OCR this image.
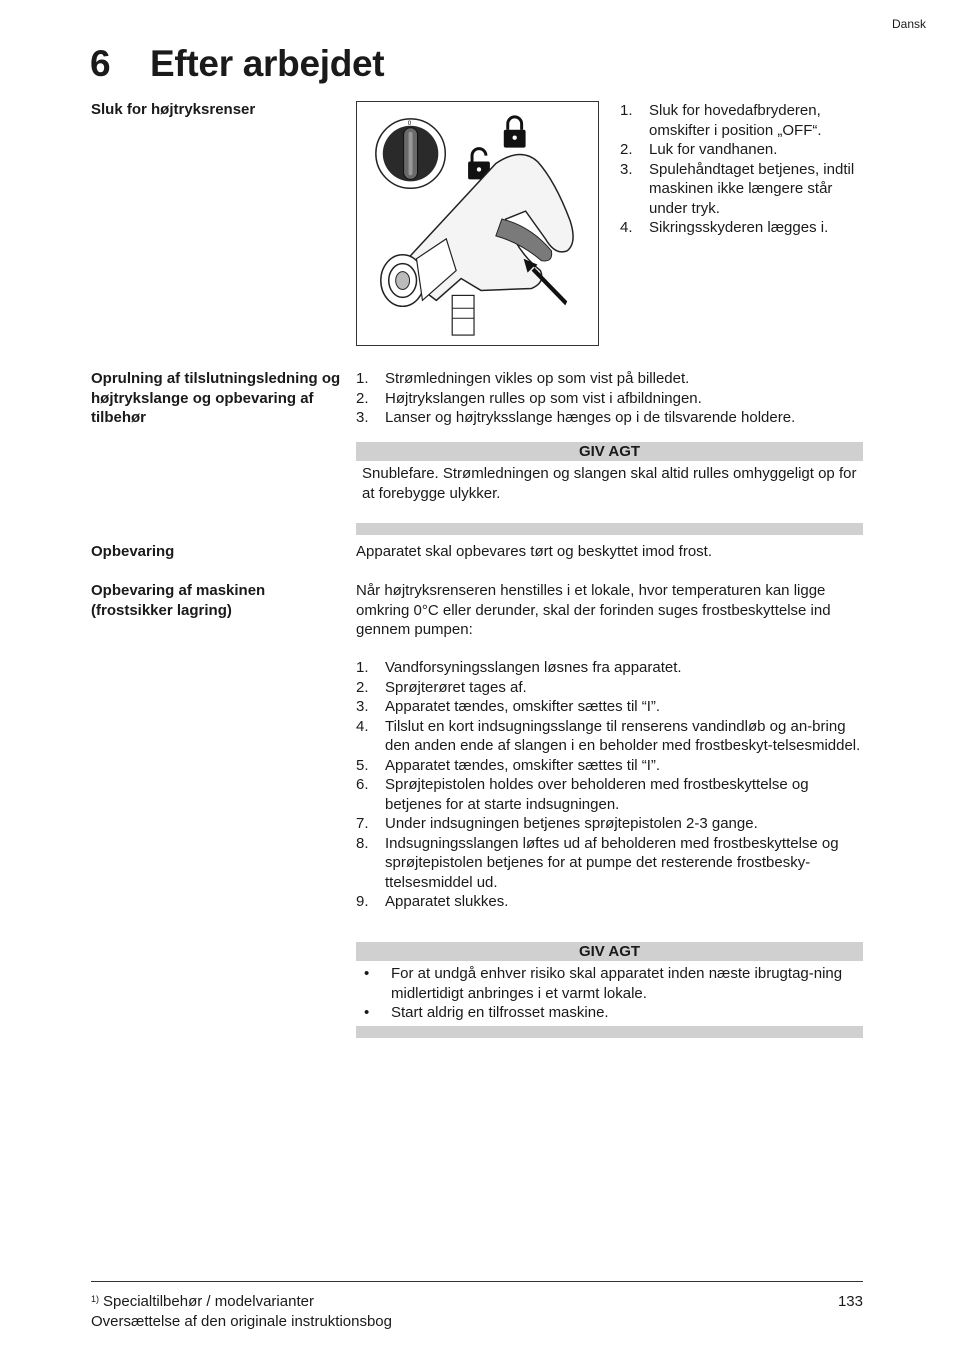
Dansk
6 Efter arbejdet
Sluk for højtryksrenser
0
1. Sluk for hovedafbryderen, omskifter i position „OFF“.
2. Luk for vandhanen.
3. Spulehåndtaget betjenes, indtil maskinen ikke længere står under tryk.
4. Sikringsskyderen lægges i.
Oprulning af tilslutningsledning og højtrykslange og opbevaring af tilbehør
1. Strømledningen vikles op som vist på billedet.
2. Højtrykslangen rulles op som vist i afbildningen.
3. Lanser og højtryksslange hænges op i de tilsvarende holdere.
GIV AGT
Snublefare. Strømledningen og slangen skal altid rulles omhyggeligt op for at forebygge ulykker.
Opbevaring	Apparatet skal opbevares tørt og beskyttet imod frost.
Opbevaring af maskinen (frostsikker lagring)
Når højtryksrenseren henstilles i et lokale, hvor temperaturen kan ligge omkring 0°C eller derunder, skal der forinden suges frostbeskyttelse ind gennem pumpen:
1. Vandforsyningsslangen løsnes fra apparatet.
2. Sprøjterøret tages af.
3. Apparatet tændes, omskifter sættes til “I”.
4. Tilslut en kort indsugningsslange til renserens vandindløb og an-bring den anden ende af slangen i en beholder med frostbeskyt-telsesmiddel.
5. Apparatet tændes, omskifter sættes til “I”.
6. Sprøjtepistolen holdes over beholderen med frostbeskyttelse og betjenes for at starte indsugningen.
7. Under indsugningen betjenes sprøjtepistolen 2-3 gange.
8. Indsugningsslangen løftes ud af beholderen med frostbeskyttelse og sprøjtepistolen betjenes for at pumpe det resterende frostbesky-ttelsesmiddel ud.
9. Apparatet slukkes.
GIV AGT
• For at undgå enhver risiko skal apparatet inden næste ibrugtag-ning midlertidigt anbringes i et varmt lokale.
• Start aldrig en tilfrosset maskine.
$^{1)}$ Specialtilbehør / modelvarianter
Oversættelse af den originale instruktionsbog
133
